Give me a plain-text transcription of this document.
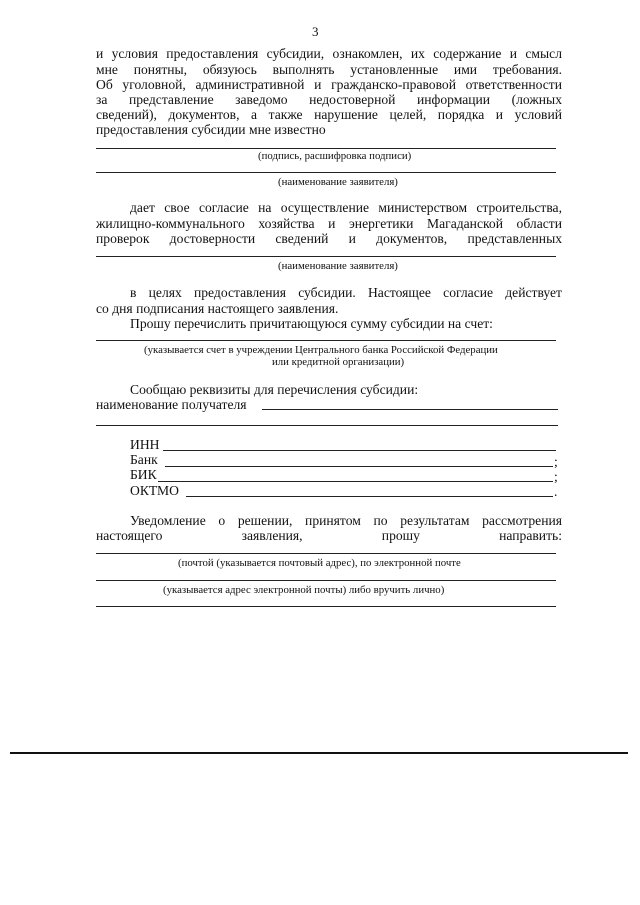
3
и условия предоставления субсидии, ознакомлен, их содержание и смысл
мне понятны, обязуюсь выполнять установленные ими требования.
Об уголовной, административной и гражданско-правовой ответственности
за представление заведомо недостоверной информации (ложных
сведений), документов, а также нарушение целей, порядка и условий
предоставления субсидии мне известно
(подпись, расшифровка подписи)
(наименование заявителя)
дает свое согласие на осуществление министерством строительства,
жилищно-коммунального хозяйства и энергетики Магаданской области
проверок достоверности сведений и документов, представленных
(наименование заявителя)
в целях предоставления субсидии. Настоящее согласие действует
со дня подписания настоящего заявления.
Прошу перечислить причитающуюся сумму субсидии на счет:
(указывается счет в учреждении Центрального банка Российской Федерации
или кредитной организации)
Сообщаю реквизиты для перечисления субсидии:
наименование получателя
ИНН
Банк	;
БИК	;
ОКТМО	.
Уведомление о решении, принятом по результатам рассмотрения
настоящего заявления, прошу направить:
(почтой (указывается почтовый адрес), по электронной почте
(указывается адрес электронной почты) либо вручить лично)
